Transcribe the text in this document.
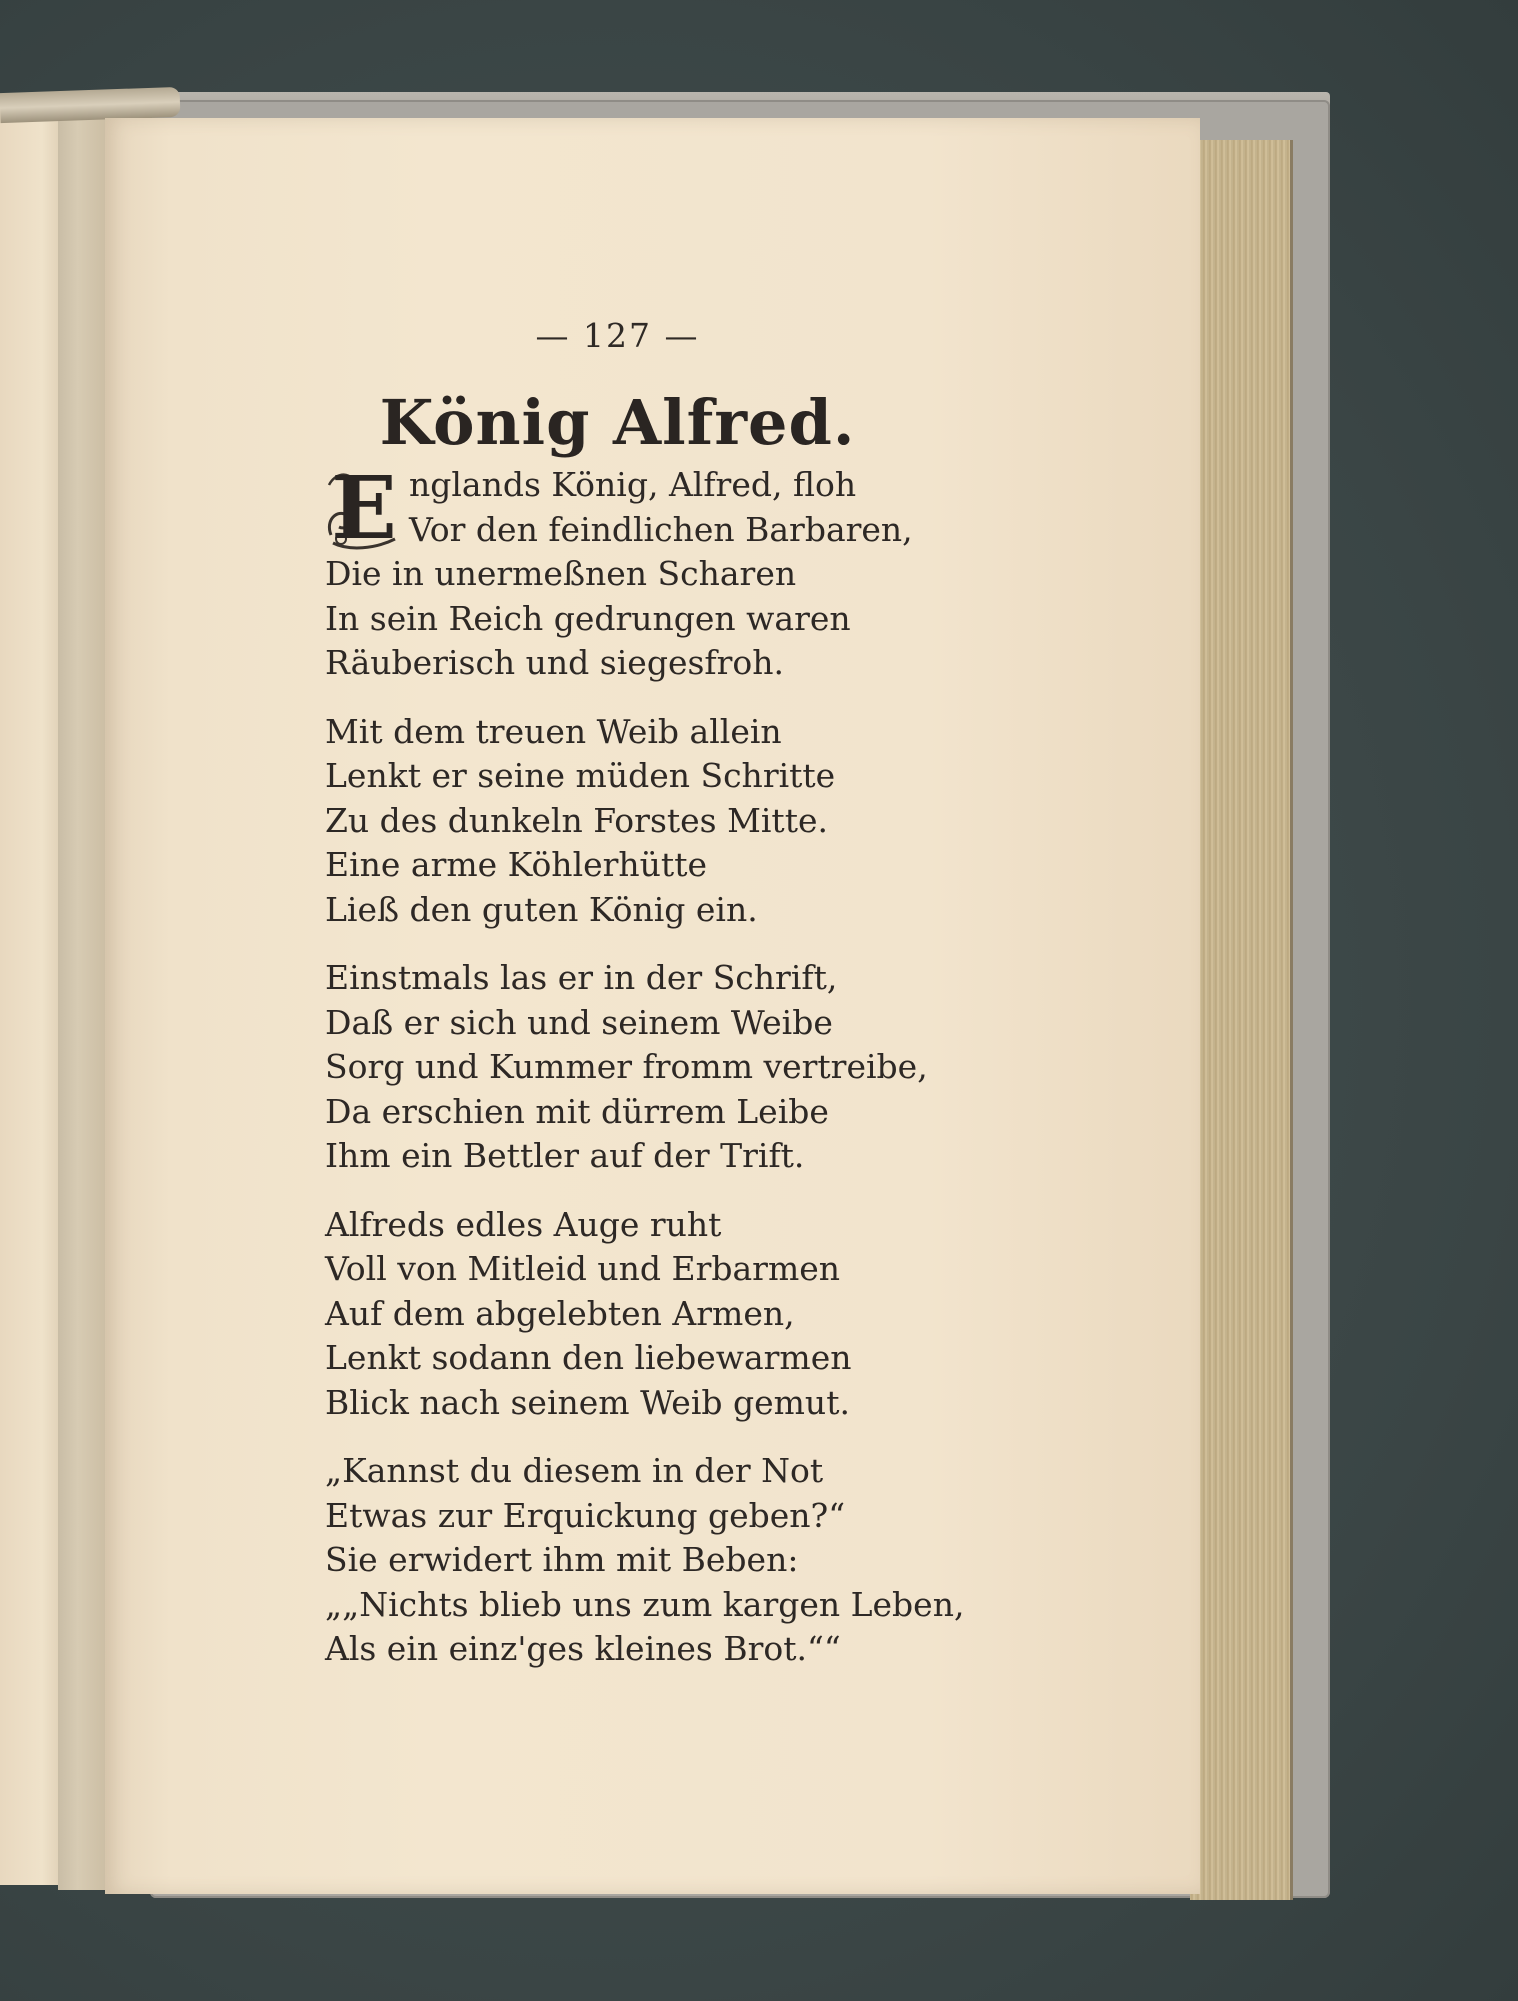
— 127 —
König Alfred.
E nglands König, Alfred, floh
Vor den feindlichen Barbaren,
Die in unermeßnen Scharen
In sein Reich gedrungen waren
Räuberisch und siegesfroh.
Mit dem treuen Weib allein
Lenkt er seine müden Schritte
Zu des dunkeln Forstes Mitte.
Eine arme Köhlerhütte
Ließ den guten König ein.
Einstmals las er in der Schrift,
Daß er sich und seinem Weibe
Sorg und Kummer fromm vertreibe,
Da erschien mit dürrem Leibe
Ihm ein Bettler auf der Trift.
Alfreds edles Auge ruht
Voll von Mitleid und Erbarmen
Auf dem abgelebten Armen,
Lenkt sodann den liebewarmen
Blick nach seinem Weib gemut.
„Kannst du diesem in der Not
Etwas zur Erquickung geben?“
Sie erwidert ihm mit Beben:
„„Nichts blieb uns zum kargen Leben,
Als ein einz'ges kleines Brot.““
